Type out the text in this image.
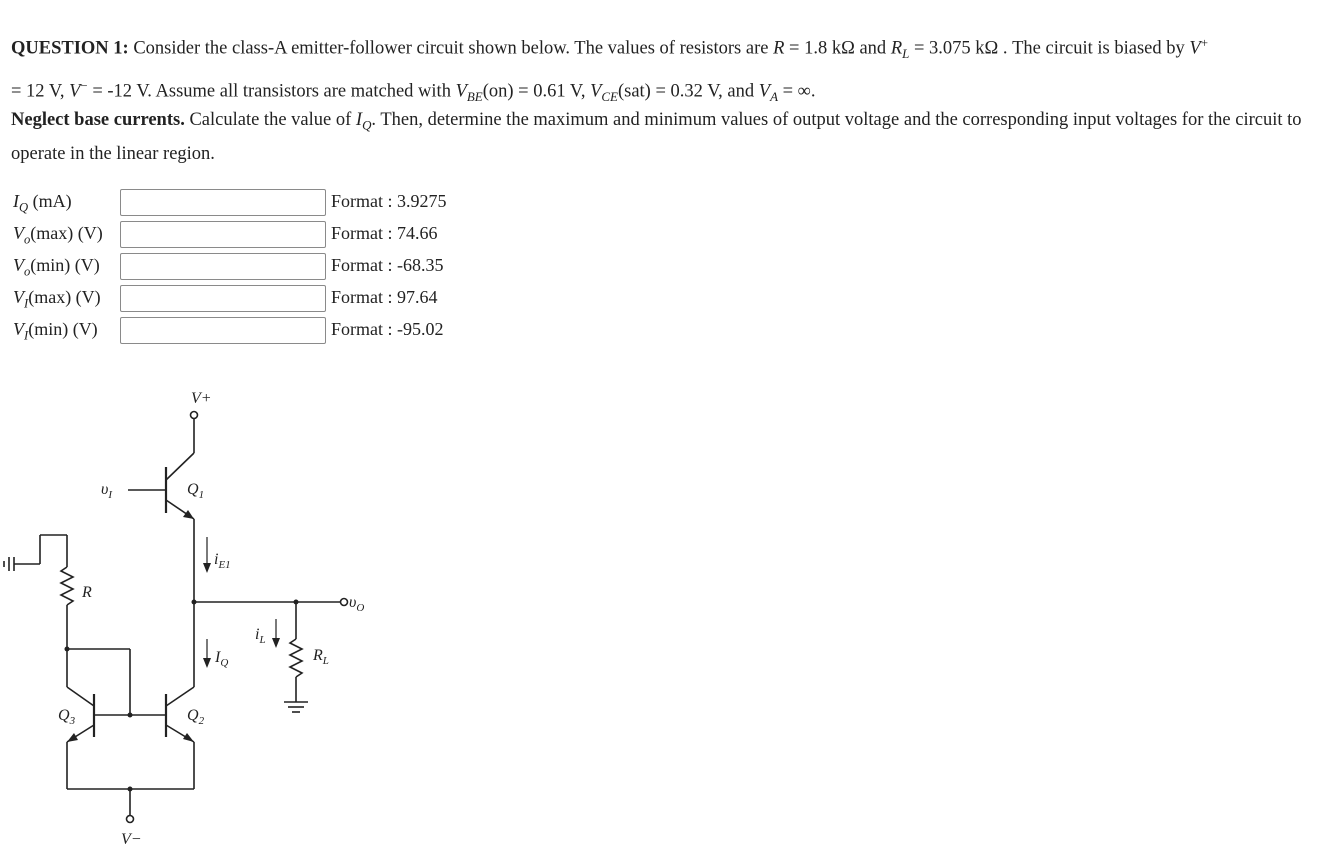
QUESTION 1: Consider the class-A emitter-follower circuit shown below. The values of resistors are R = 1.8 kΩ and $R_L = 3.075$ kΩ . The circuit is biased by V+
= 12 V, V− = -12 V. Assume all transistors are matched with $V_{BE}(on) = 0.61$ V, $V_{CE}(sat) = 0.32$ V, and $V_A$ = ∞.
Neglect base currents. Calculate the value of $I_Q$. Then, determine the maximum and minimum values of output voltage and the corresponding input voltages for the circuit to operate in the linear region.
$I_Q$ (mA)	Format : 3.9275
$V_o(\max)$ (V)	Format : 74.66
$V_o(\min)$ (V)	Format : -68.35
$V_I(\max)$ (V)	Format : 97.64
$V_I(\min)$ (V)	Format : -95.02
V+
V−
$\upsilon_I$	$Q_1$
$i_{E1}$
R
$\upsilon_O$
$I_Q$
$i_L$
$R_L$
$Q_3$	$Q_2$
